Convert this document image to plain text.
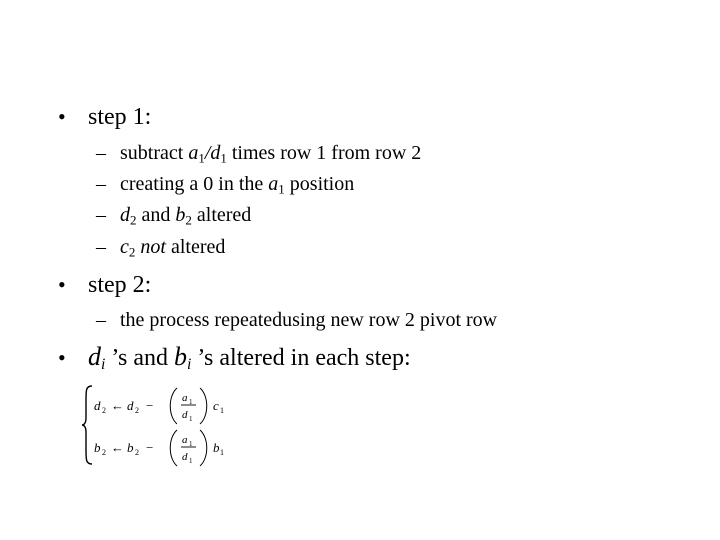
• step 1:
– subtract $a_1/d_1$ times row 1 from row 2
– creating a 0 in the $a_1$ position
– $d_2$ and $b_2$ altered
– $c_2$ not altered
• step 2:
– the process repeatedusing new row 2 pivot row
• $d_i$ ’s and $b_i$ ’s altered in each step:
d 2 ← d 2 −	a 1
d 1
c 1
b 2 ← b 2 −	a 1
d 1
b 1
